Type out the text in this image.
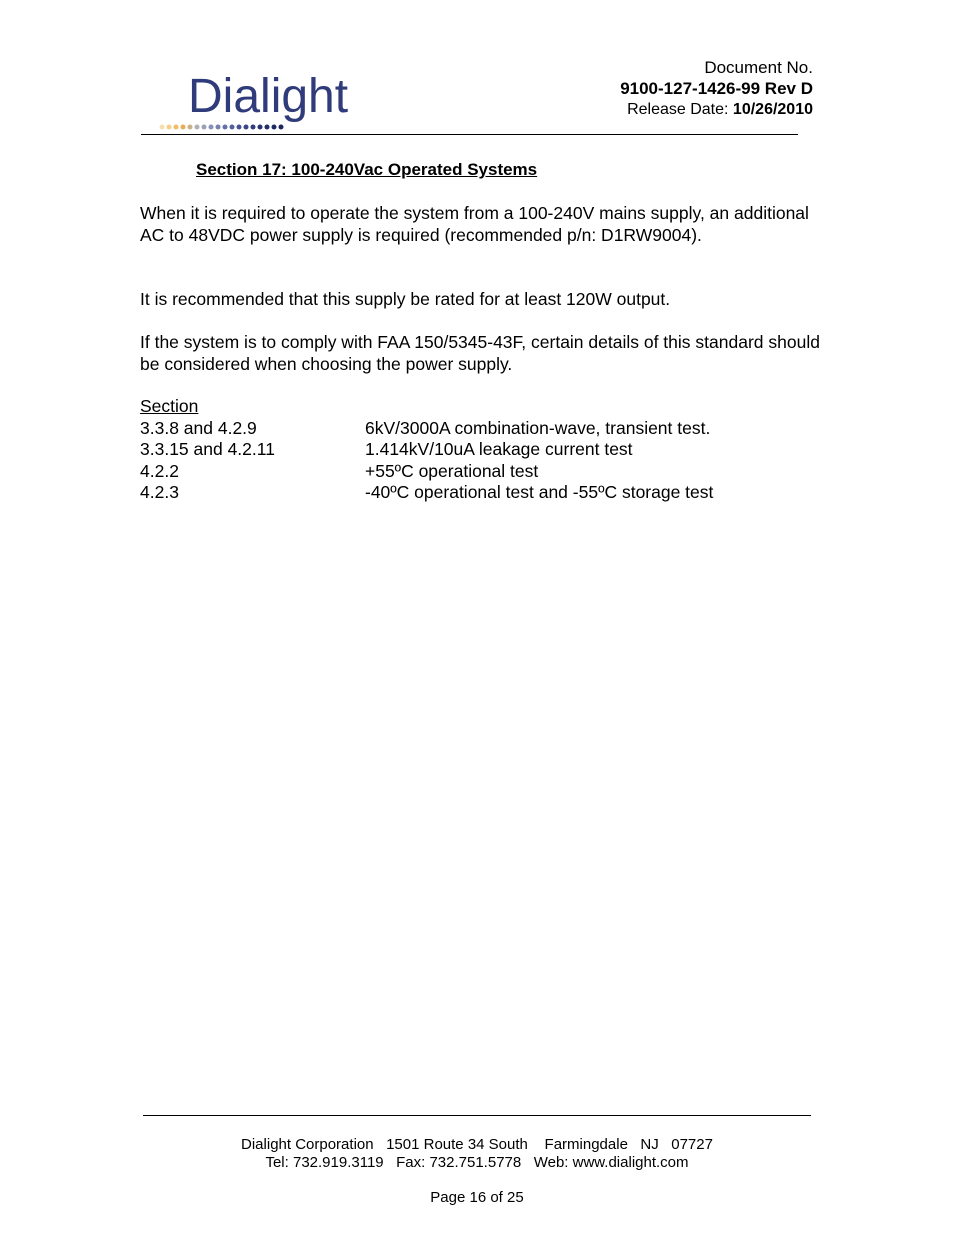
Dialight
Document No.
9100-127-1426-99 Rev D
Release Date: 10/26/2010
Section 17: 100-240Vac Operated Systems
When it is required to operate the system from a 100-240V mains supply, an additional AC to 48VDC power supply is required (recommended p/n: D1RW9004).
It is recommended that this supply be rated for at least 120W output.
If the system is to comply with FAA 150/5345-43F, certain details of this standard should be considered when choosing the power supply.
Section
3.3.8 and 4.2.9	6kV/3000A combination-wave, transient test.
3.3.15 and 4.2.11	1.414kV/10uA leakage current test
4.2.2	+55ºC operational test
4.2.3	-40ºC operational test and -55ºC storage test
Dialight Corporation   1501 Route 34 South    Farmingdale   NJ   07727
Tel: 732.919.3119   Fax: 732.751.5778   Web: www.dialight.com
Page 16 of 25
